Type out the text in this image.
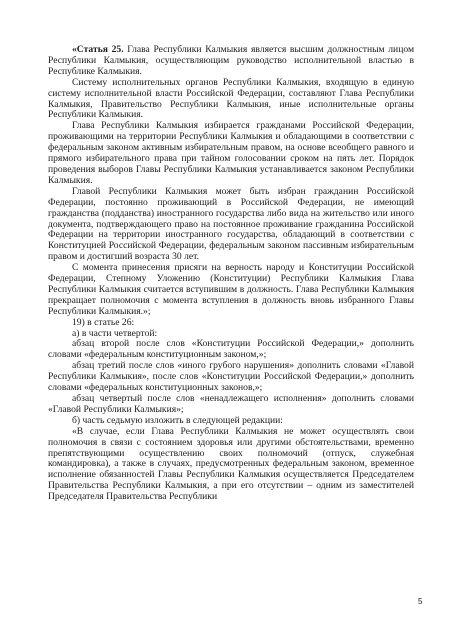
«Статья 25. Глава Республики Калмыкия является высшим должностным лицом Республики Калмыкия, осуществляющим руководство исполнительной властью в Республике Калмыкия.

Систему исполнительных органов Республики Калмыкия, входящую в единую систему исполнительной власти Российской Федерации, составляют Глава Республики Калмыкия, Правительство Республики Калмыкия, иные исполнительные органы Республики Калмыкия.

Глава Республики Калмыкия избирается гражданами Российской Федерации, проживающими на территории Республики Калмыкия и обладающими в соответствии с федеральным законом активным избирательным правом, на основе всеобщего равного и прямого избирательного права при тайном голосовании сроком на пять лет. Порядок проведения выборов Главы Республики Калмыкия устанавливается законом Республики Калмыкия.

Главой Республики Калмыкия может быть избран гражданин Российской Федерации, постоянно проживающий в Российской Федерации, не имеющий гражданства (подданства) иностранного государства либо вида на жительство или иного документа, подтверждающего право на постоянное проживание гражданина Российской Федерации на территории иностранного государства, обладающий в соответствии с Конституцией Российской Федерации, федеральным законом пассивным избирательным правом и достигший возраста 30 лет.

С момента принесения присяги на верность народу и Конституции Российской Федерации, Степному Уложению (Конституции) Республики Калмыкия Глава Республики Калмыкия считается вступившим в должность. Глава Республики Калмыкия прекращает полномочия с момента вступления в должность вновь избранного Главы Республики Калмыкия.»;

19) в статье 26:

а) в части четвертой:

абзац второй после слов «Конституции Российской Федерации,» дополнить словами «федеральным конституционным законом,»;

абзац третий после слов «иного грубого нарушения» дополнить словами «Главой Республики Калмыкия», после слов «Конституции Российской Федерации,» дополнить словами «федеральных конституционных законов,»;

абзац четвертый после слов «ненадлежащего исполнения» дополнить словами «Главой Республики Калмыкия»;

б) часть седьмую изложить в следующей редакции:

«В случае, если Глава Республики Калмыкия не может осуществлять свои полномочия в связи с состоянием здоровья или другими обстоятельствами, временно препятствующими осуществлению своих полномочий (отпуск, служебная командировка), а также в случаях, предусмотренных федеральным законом, временное исполнение обязанностей Главы Республики Калмыкия осуществляется Председателем Правительства Республики Калмыкия, а при его отсутствии – одним из заместителей Председателя Правительства Республики

5
